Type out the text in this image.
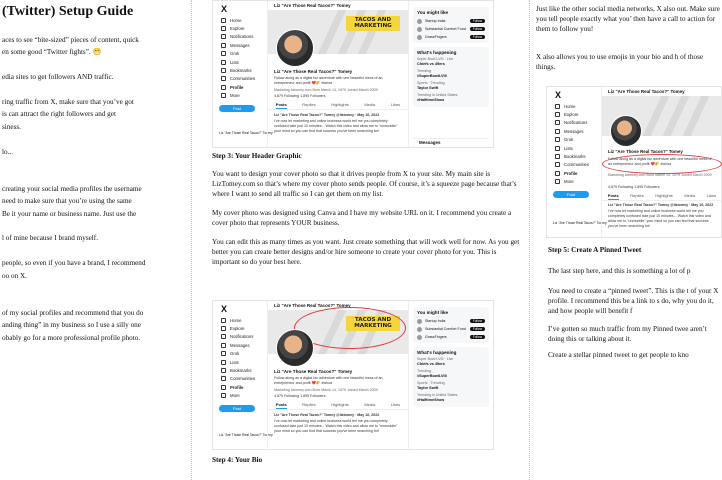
(Twitter) Setup Guide
aces to see “bite-sized” pieces of content, quick
en some good “Twitter fights”. 😁
edia sites to get followers AND traffic.
ring traffic from X, make sure that you’ve got
is can attract the right followers and get
siness.
lo...
creating your social media profiles the username
need to make sure that you’re using the same
Be it your name or business name. Just use the
l of mine because I brand myself.
people, so even if you have a brand, I recommend
oo on X.
of my social profiles and recommend that you do
anding thing” in my business so I use a silly one
obably go for a more professional profile photo.
X
Home
Explore
Notifications
Messages
Grok
Lists
Bookmarks
Communities
Profile
More
Post
Liz "Are Those Real Tacos?" Tomey
Liz "Are Those Real Tacos?" Tomey
TACOS AND MARKETING
Liz "Are Those Real Tacos?" Tomey
Follow along as a digital biz adventure with one beautiful mess of an entrepreneur and profit ❤️🌮 #whoa
Marketing liztomey.com Born March 14, 1979 Joined March 2009
4,879 Following 1,895 Followers
Posts	Replies	Highlights	Media	Likes
Liz "Are Those Real Tacos?" Tomey @liztomey · May 16, 2022
I’ve now let marketing and online business world tell me you completely confused take just 10 minutes... Watch this video and allow me to "unmuddle" your mind so you can find that success you’ve been searching for!
You might like
Startup India	Follow
Substantial Comfort Fund	Follow
GrassFingers	Follow
What's happening
Super Bowl LVIII · Live
Chiefs vs 49ers
Trending
#SuperBowlLVIII
Sports · Trending
Taylor Swift
Trending in United States
#HalftimeShow
Messages
Step 3: Your Header Graphic

You want to design your cover photo so that it drives people from X to your site. My main site is LizTomey.com so that’s where my cover photo sends people. Of course, it’s a squeeze page because that’s where I want to send all traffic so I can get them on my list.

My cover photo was designed using Canva and I have my website URL on it. I recommend you create a cover photo that represents YOUR business.

You can edit this as many times as you want. Just create something that will work well for now. As you get better you can create better designs and/or hire someone to create your cover photo for you. This is important so do your best here.

X
Home
Explore
Notifications
Messages
Grok
Lists
Bookmarks
Communities
Profile
More
Post
Liz "Are Those Real Tacos?" Tomey
Liz "Are Those Real Tacos?" Tomey
TACOS AND MARKETING
Liz "Are Those Real Tacos?" Tomey
Follow along as a digital biz adventure with one beautiful mess of an entrepreneur and profit ❤️🌮 #whoa
Marketing liztomey.com Born March 14, 1979 Joined March 2009
4,879 Following 1,895 Followers
Posts	Replies	Highlights	Media	Likes
Liz "Are Those Real Tacos?" Tomey @liztomey · May 16, 2022
I’ve now let marketing and online business world tell me you completely confused take just 10 minutes... Watch this video and allow me to "unmuddle" your mind so you can find that success you’ve been searching for!
You might like
Startup India	Follow
Substantial Comfort Fund	Follow
GrassFingers	Follow
What's happening
Super Bowl LVIII · Live
Chiefs vs 49ers
Trending
#SuperBowlLVIII
Sports · Trending
Taylor Swift
Trending in United States
#HalftimeShow
Step 4: Your Bio

Just like the other social media networks, X also out. Make sure you tell people exactly what you’ then have a call to action for them to follow you!

X also allows you to use emojis in your bio and h of those things.

X
Home
Explore
Notifications
Messages
Grok
Lists
Bookmarks
Communities
Profile
More
Post
Liz "Are Those Real Tacos?" Tomey
Liz "Are Those Real Tacos?" Tomey
Liz "Are Those Real Tacos?" Tomey
Follow along as a digital biz adventure with one beautiful mess of an entrepreneur and profit ❤️🌮 #whoa
Marketing liztomey.com Born March 14, 1979 Joined March 2009
4,879 Following 1,895 Followers
Posts	Replies	Highlights	Media	Likes
Liz "Are Those Real Tacos?" Tomey @liztomey · May 16, 2022
I’ve now let marketing and online business world tell me you completely confused take just 10 minutes... Watch this video and allow me to "unmuddle" your mind so you can find that success you’ve been searching for!
Step 5: Create A Pinned Tweet

The last step here, and this is something a lot of p

You need to create a “pinned tweet”. This is the t of your X profile. I recommend this be a link to s do, why you do it, and how people will benefit f

I’ve gotten so much traffic from my Pinned twee aren’t doing this or talking about it.

Create a stellar pinned tweet to get people to kno
